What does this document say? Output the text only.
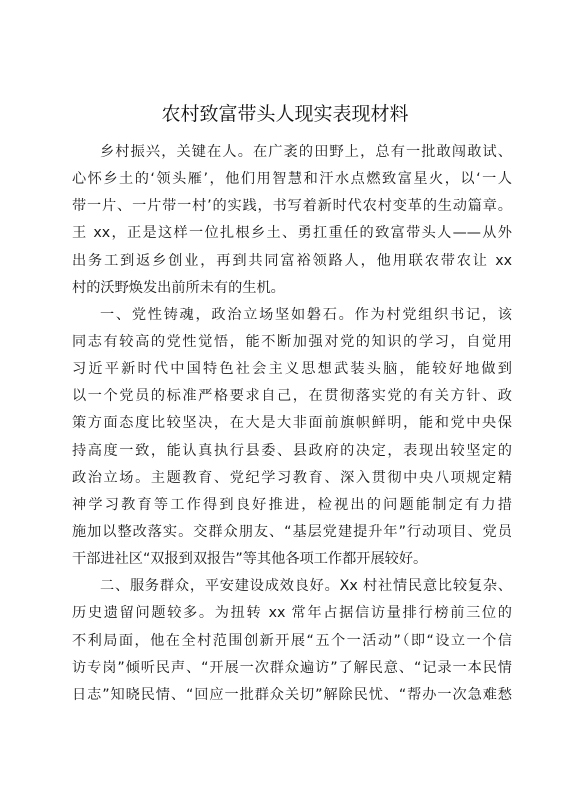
农村致富带头人现实表现材料
乡村振兴，关键在人。在广袤的田野上，总有一批敢闯敢试、
心怀乡土的‘领头雁’，他们用智慧和汗水点燃致富星火，以‘一人
带一片、一片带一村’的实践，书写着新时代农村变革的生动篇章。
王 xx，正是这样一位扎根乡土、勇扛重任的致富带头人——从外
出务工到返乡创业，再到共同富裕领路人，他用联农带农让 xx
村的沃野焕发出前所未有的生机。
一、党性铸魂，政治立场坚如磐石。作为村党组织书记，该
同志有较高的党性觉悟，能不断加强对党的知识的学习，自觉用
习近平新时代中国特色社会主义思想武装头脑，能较好地做到
以一个党员的标准严格要求自己，在贯彻落实党的有关方针、政
策方面态度比较坚决，在大是大非面前旗帜鲜明，能和党中央保
持高度一致，能认真执行县委、县政府的决定，表现出较坚定的
政治立场。主题教育、党纪学习教育、深入贯彻中央八项规定精
神学习教育等工作得到良好推进，检视出的问题能制定有力措
施加以整改落实。交群众朋友、“基层党建提升年”行动项目、党员
干部进社区“双报到双报告”等其他各项工作都开展较好。
二、服务群众，平安建设成效良好。Xx 村社情民意比较复杂、
历史遗留问题较多。为扭转 xx 常年占据信访量排行榜前三位的
不利局面，他在全村范围创新开展“五个一活动”（即“设立一个信
访专岗”倾听民声、“开展一次群众遍访”了解民意、“记录一本民情
日志”知晓民情、“回应一批群众关切”解除民忧、“帮办一次急难愁
